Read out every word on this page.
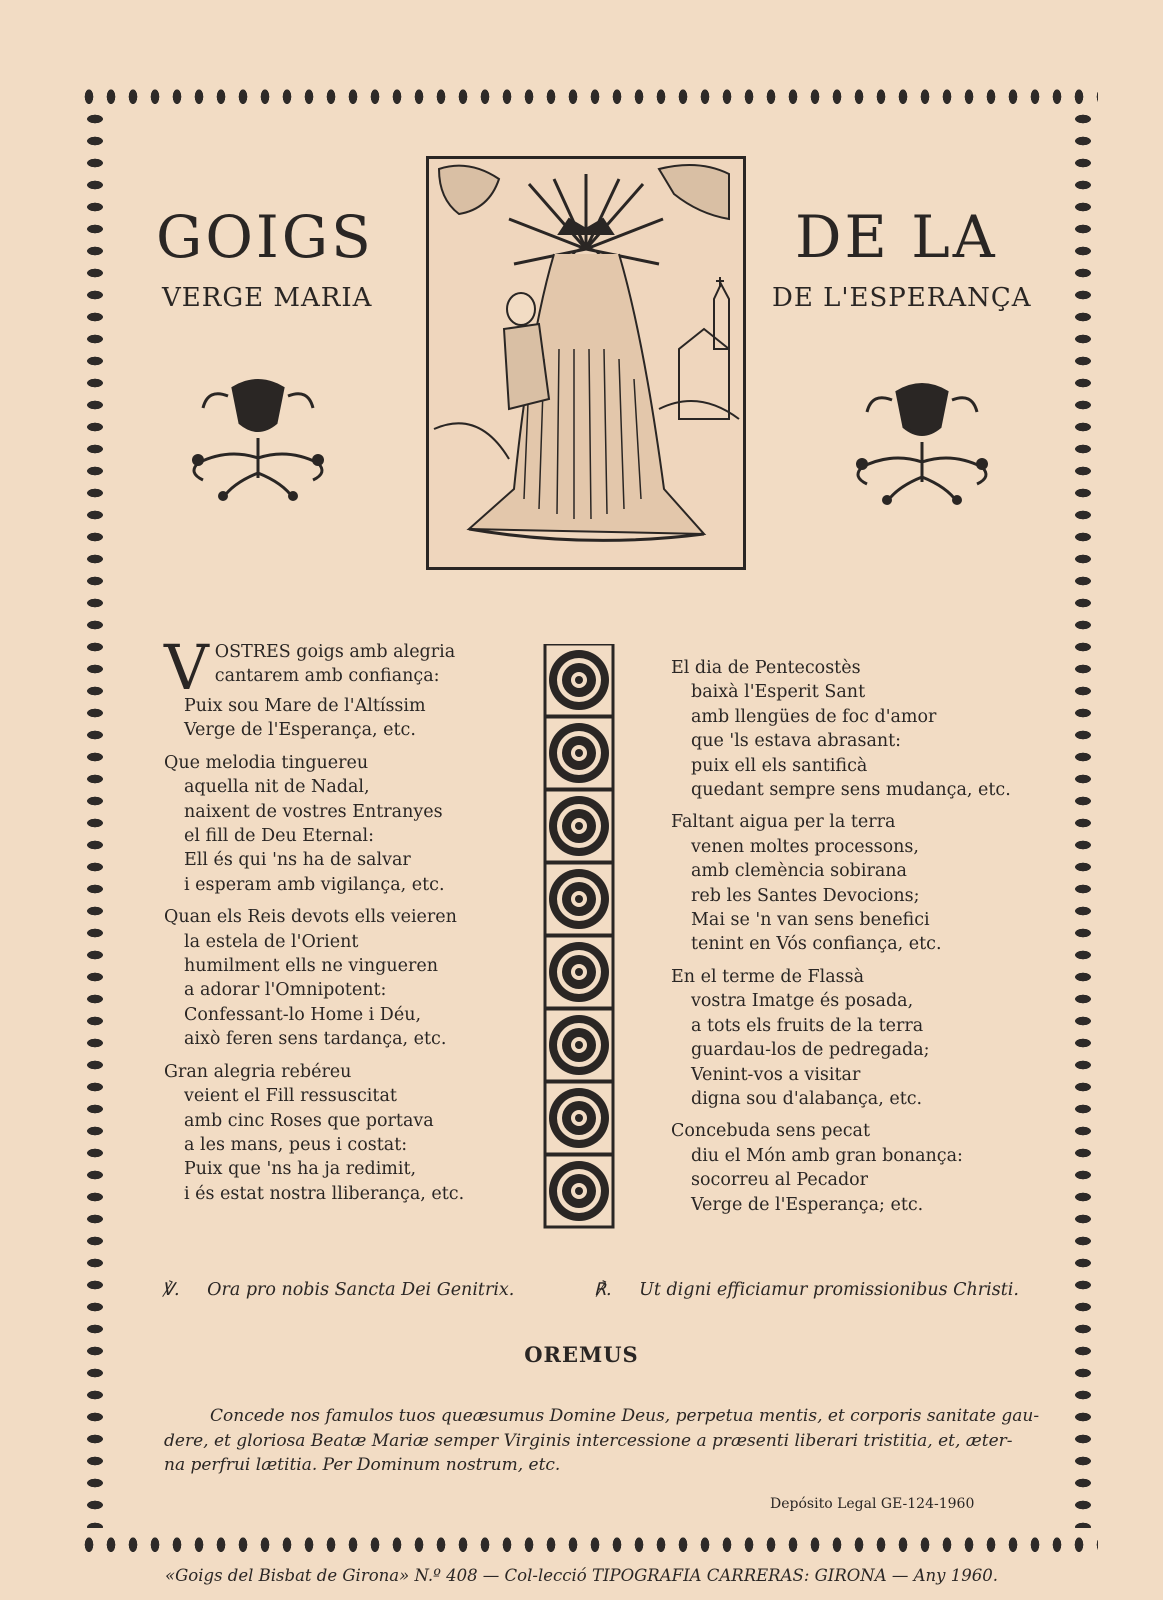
GOIGS
VERGE MARIA
DE LA
DE L'ESPERANÇA
V OSTRES goigs amb alegria
cantarem amb confiança:
Puix sou Mare de l'Altíssim
Verge de l'Esperança, etc.
Que melodia tinguereu
aquella nit de Nadal,
naixent de vostres Entranyes
el fill de Deu Eternal:
Ell és qui 'ns ha de salvar
i esperam amb vigilança, etc.
Quan els Reis devots ells veieren
la estela de l'Orient
humilment ells ne vingueren
a adorar l'Omnipotent:
Confessant-lo Home i Déu,
això feren sens tardança, etc.
Gran alegria rebéreu
veient el Fill ressuscitat
amb cinc Roses que portava
a les mans, peus i costat:
Puix que 'ns ha ja redimit,
i és estat nostra lliberança, etc.
El dia de Pentecostès
baixà l'Esperit Sant
amb llengües de foc d'amor
que 'ls estava abrasant:
puix ell els santificà
quedant sempre sens mudança, etc.
Faltant aigua per la terra
venen moltes processons,
amb clemència sobirana
reb les Santes Devocions;
Mai se 'n van sens benefici
tenint en Vós confiança, etc.
En el terme de Flassà
vostra Imatge és posada,
a tots els fruits de la terra
guardau-los de pedregada;
Venint-vos a visitar
digna sou d'alabança, etc.
Concebuda sens pecat
diu el Món amb gran bonança:
socorreu al Pecador
Verge de l'Esperança; etc.
℣. Ora pro nobis Sancta Dei Genitrix.	℟. Ut digni efficiamur promissionibus Christi.
OREMUS
Concede nos famulos tuos queæsumus Domine Deus, perpetua mentis, et corporis sanitate gau-
dere, et gloriosa Beatæ Mariæ semper Virginis intercessione a præsenti liberari tristitia, et, æter-
na perfrui lætitia. Per Dominum nostrum, etc.
Depósito Legal GE-124-1960
«Goigs del Bisbat de Girona» N.º 408 — Col-lecció TIPOGRAFIA CARRERAS: GIRONA — Any 1960.
